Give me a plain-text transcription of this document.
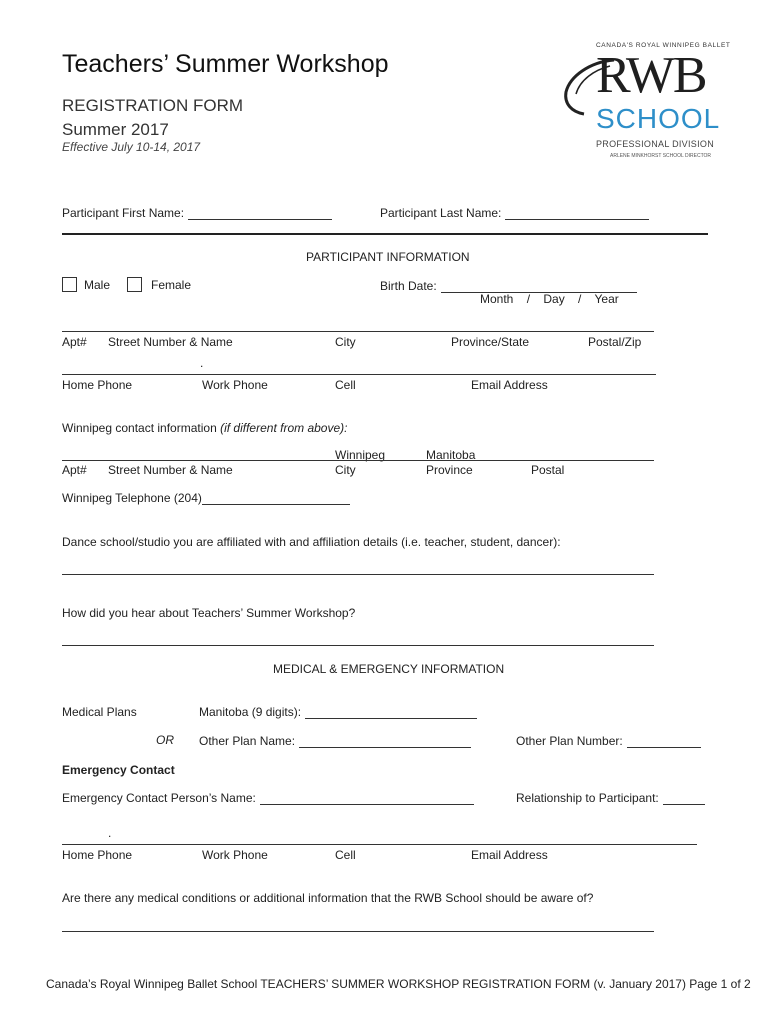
Teachers’ Summer Workshop
REGISTRATION FORM
Summer 2017
Effective July 10-14, 2017
CANADA'S ROYAL WINNIPEG BALLET
RWB
SCHOOL
PROFESSIONAL DIVISION
ARLENE MINKHORST SCHOOL DIRECTOR
Participant First Name:	Participant Last Name:
PARTICIPANT INFORMATION
Male	Female	Birth Date:
Month    /    Day    /    Year
Apt# Street Number & Name	City	Province/State	Postal/Zip
.
Home Phone	Work Phone	Cell	Email Address
Winnipeg contact information (if different from above):
Winnipeg	Manitoba
Apt# Street Number & Name	City	Province	Postal
Winnipeg Telephone (204)
Dance school/studio you are affiliated with and affiliation details (i.e. teacher, student, dancer):
How did you hear about Teachers’ Summer Workshop?
MEDICAL & EMERGENCY INFORMATION
Medical Plans	Manitoba (9 digits):
OR Other Plan Name:	Other Plan Number:
Emergency Contact
Emergency Contact Person’s Name:	Relationship to Participant:
.
Home Phone	Work Phone	Cell	Email Address
Are there any medical conditions or additional information that the RWB School should be aware of?
Canada’s Royal Winnipeg Ballet School TEACHERS’ SUMMER WORKSHOP REGISTRATION FORM (v. January 2017) Page 1 of 2
